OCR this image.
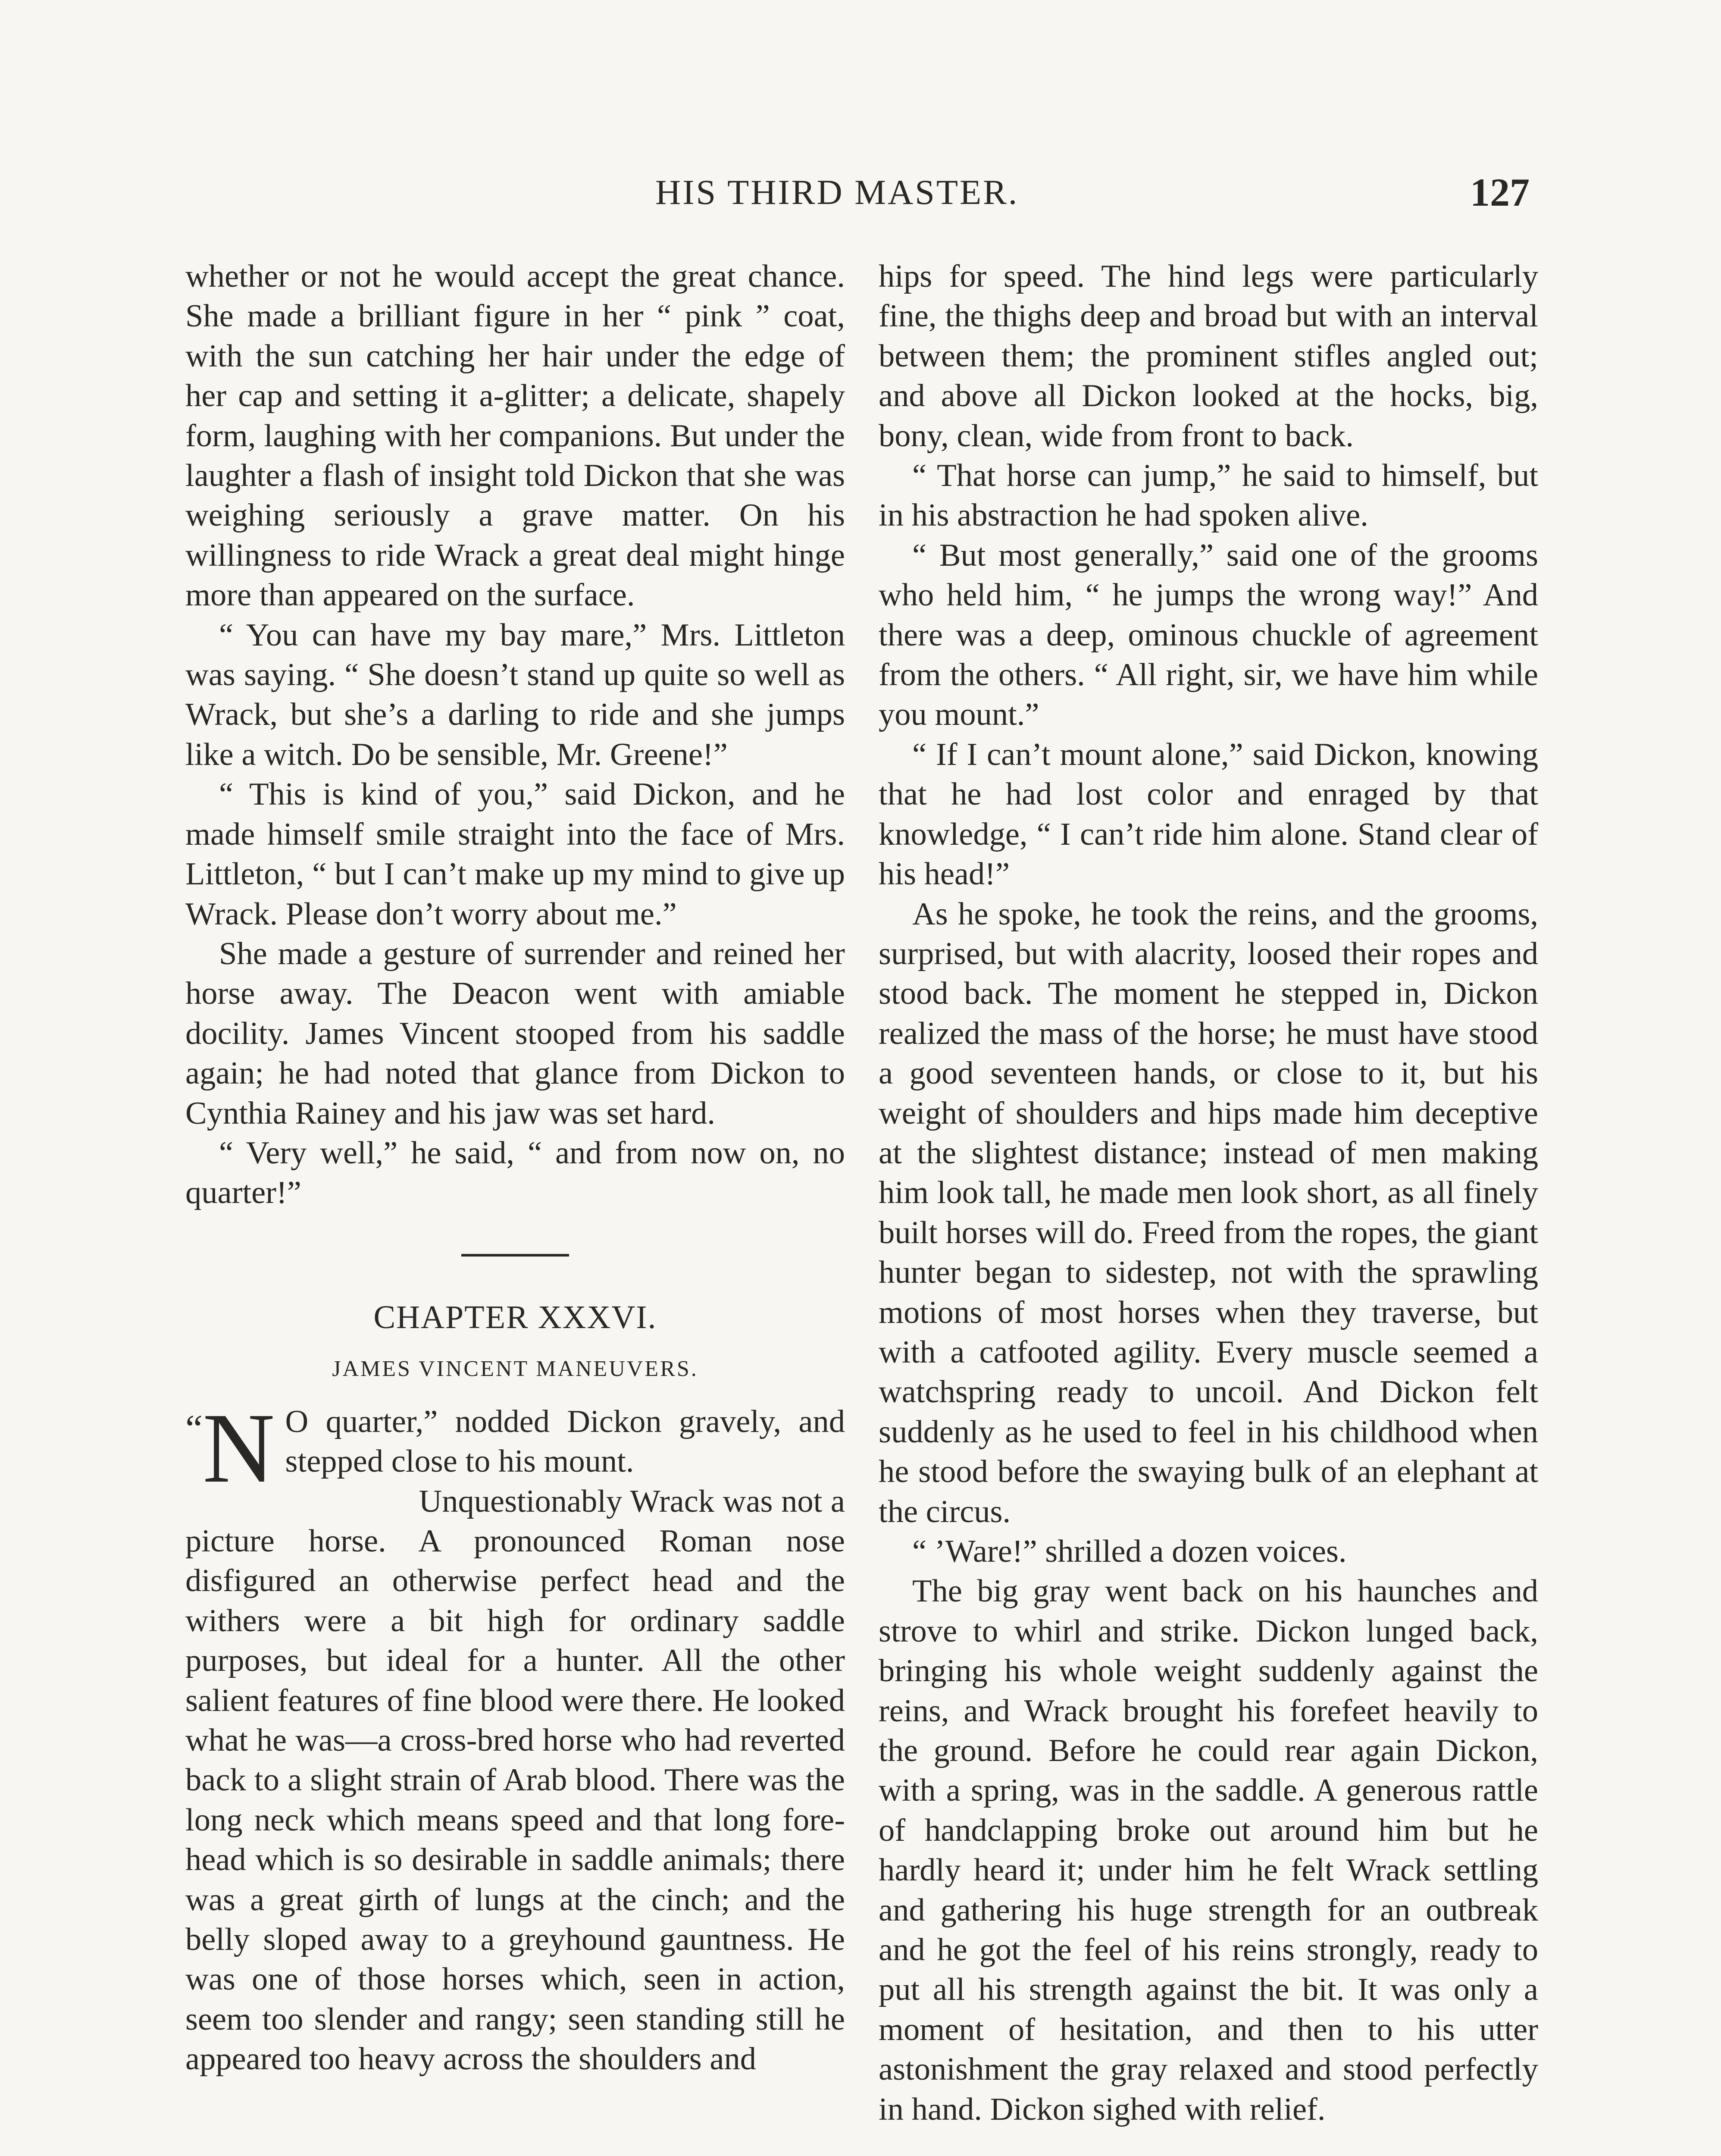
HIS THIRD MASTER.	127

whether or not he would accept the great chance. She made a brilliant figure in her “ pink ” coat, with the sun catching her hair under the edge of her cap and setting it a-glitter; a delicate, shapely form, laughing with her companions. But under the laughter a flash of insight told Dickon that she was weighing seriously a grave matter. On his willingness to ride Wrack a great deal might hinge more than appeared on the surface.

“ You can have my bay mare,” Mrs. Littleton was saying. “ She doesn’t stand up quite so well as Wrack, but she’s a darling to ride and she jumps like a witch. Do be sensible, Mr. Greene!”

“ This is kind of you,” said Dickon, and he made himself smile straight into the face of Mrs. Littleton, “ but I can’t make up my mind to give up Wrack. Please don’t worry about me.”

She made a gesture of surrender and reined her horse away. The Deacon went with amiable docility. James Vincent stooped from his saddle again; he had noted that glance from Dickon to Cynthia Rainey and his jaw was set hard.

“ Very well,” he said, “ and from now on, no quarter!”

CHAPTER XXXVI.
JAMES VINCENT MANEUVERS.

“N O quarter,” nodded Dickon gravely, and stepped close to his mount.

Unquestionably Wrack was not a picture horse. A pronounced Roman nose disfigured an otherwise perfect head and the withers were a bit high for ordinary saddle purposes, but ideal for a hunter. All the other salient features of fine blood were there. He looked what he was—a cross-bred horse who had reverted back to a slight strain of Arab blood. There was the long neck which means speed and that long forehead which is so desirable in saddle animals; there was a great girth of lungs at the cinch; and the belly sloped away to a greyhound gauntness. He was one of those horses which, seen in action, seem too slender and rangy; seen standing still he appeared too heavy across the shoulders and

hips for speed. The hind legs were particularly fine, the thighs deep and broad but with an interval between them; the prominent stifles angled out; and above all Dickon looked at the hocks, big, bony, clean, wide from front to back.

“ That horse can jump,” he said to himself, but in his abstraction he had spoken alive.

“ But most generally,” said one of the grooms who held him, “ he jumps the wrong way!” And there was a deep, ominous chuckle of agreement from the others. “ All right, sir, we have him while you mount.”

“ If I can’t mount alone,” said Dickon, knowing that he had lost color and enraged by that knowledge, “ I can’t ride him alone. Stand clear of his head!”

As he spoke, he took the reins, and the grooms, surprised, but with alacrity, loosed their ropes and stood back. The moment he stepped in, Dickon realized the mass of the horse; he must have stood a good seventeen hands, or close to it, but his weight of shoulders and hips made him deceptive at the slightest distance; instead of men making him look tall, he made men look short, as all finely built horses will do. Freed from the ropes, the giant hunter began to sidestep, not with the sprawling motions of most horses when they traverse, but with a catfooted agility. Every muscle seemed a watchspring ready to uncoil. And Dickon felt suddenly as he used to feel in his childhood when he stood before the swaying bulk of an elephant at the circus.

“ ’Ware!” shrilled a dozen voices.

The big gray went back on his haunches and strove to whirl and strike. Dickon lunged back, bringing his whole weight suddenly against the reins, and Wrack brought his forefeet heavily to the ground. Before he could rear again Dickon, with a spring, was in the saddle. A generous rattle of handclapping broke out around him but he hardly heard it; under him he felt Wrack settling and gathering his huge strength for an outbreak and he got the feel of his reins strongly, ready to put all his strength against the bit. It was only a moment of hesitation, and then to his utter astonishment the gray relaxed and stood perfectly in hand. Dickon sighed with relief.
